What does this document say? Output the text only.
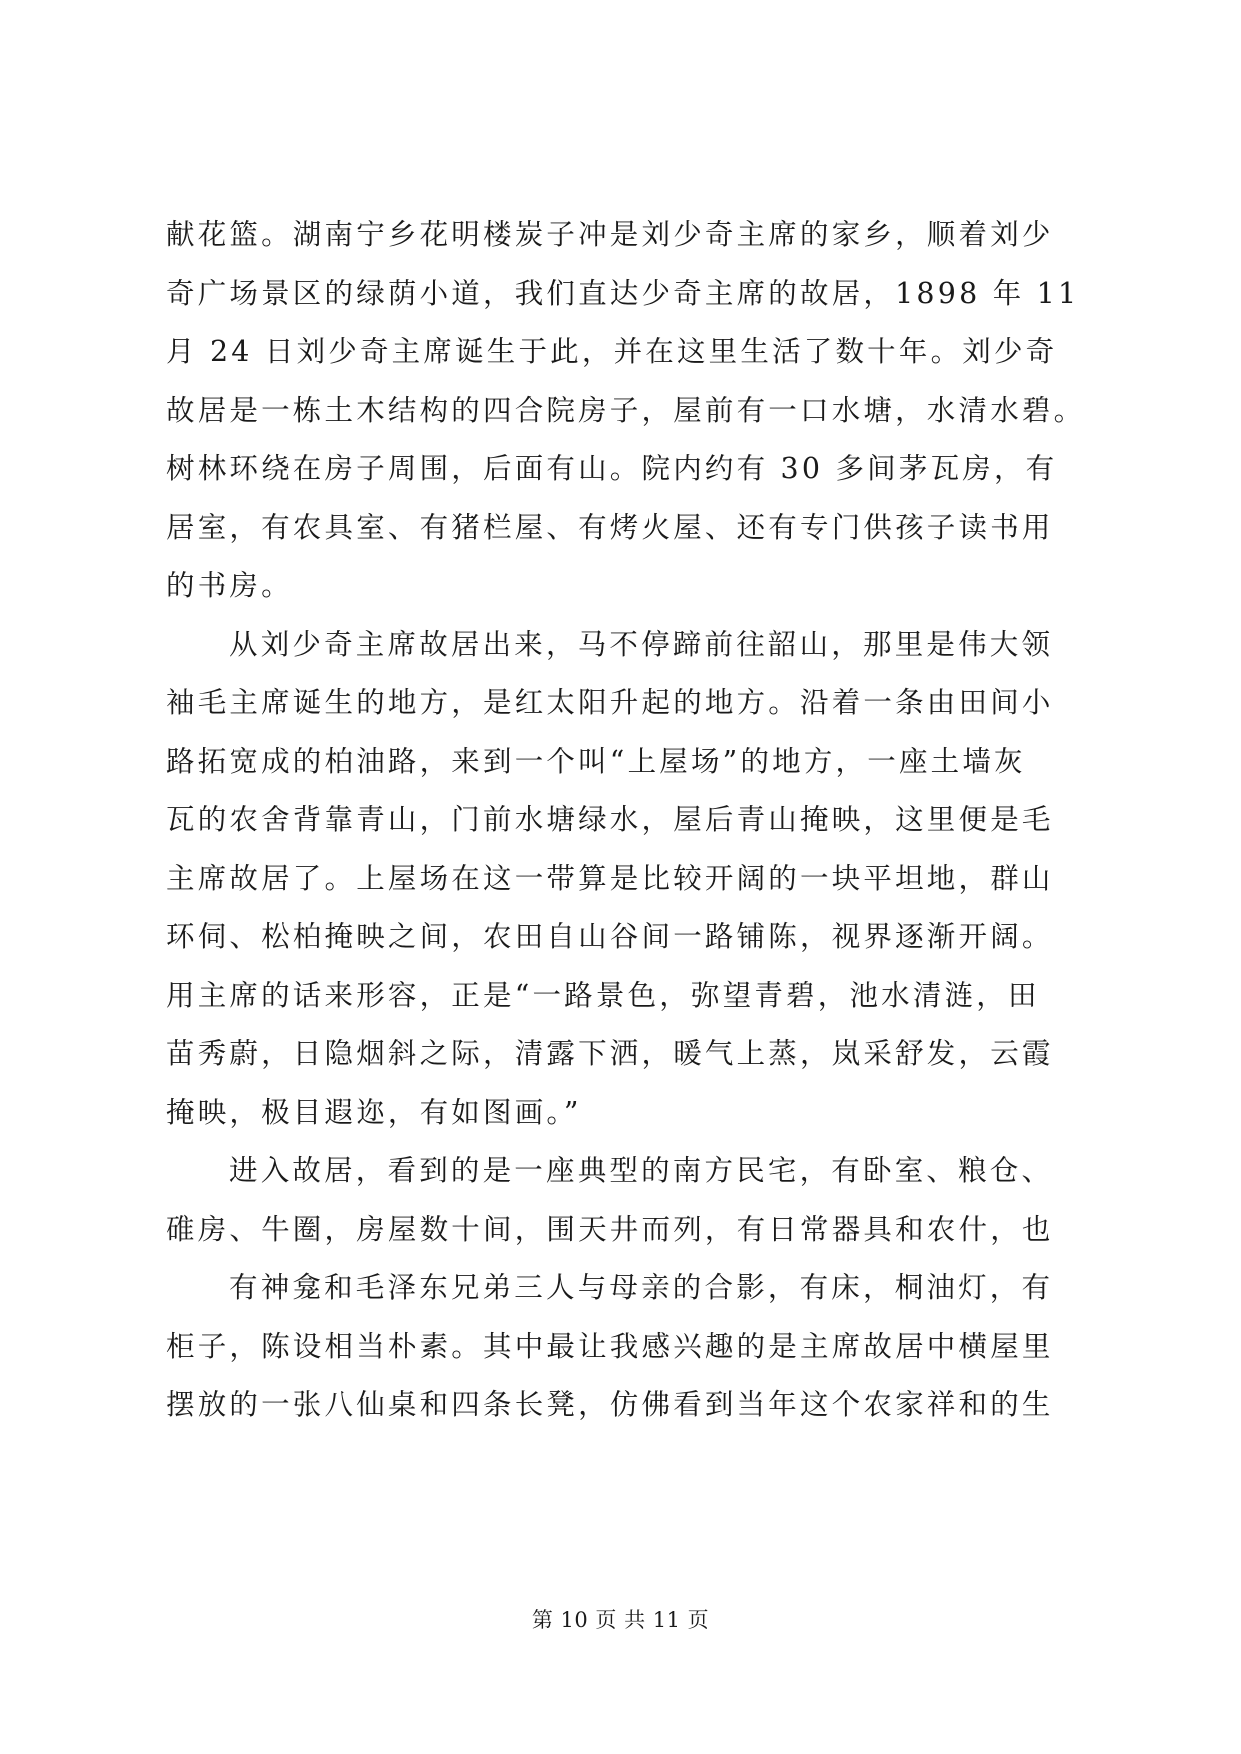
献花篮。湖南宁乡花明楼炭子冲是刘少奇主席的家乡，顺着刘少
奇广场景区的绿荫小道，我们直达少奇主席的故居，1898 年 11
月 24 日刘少奇主席诞生于此，并在这里生活了数十年。刘少奇
故居是一栋土木结构的四合院房子，屋前有一口水塘，水清水碧。
树林环绕在房子周围，后面有山。院内约有 30 多间茅瓦房，有
居室，有农具室、有猪栏屋、有烤火屋、还有专门供孩子读书用
的书房。

从刘少奇主席故居出来，马不停蹄前往韶山，那里是伟大领
袖毛主席诞生的地方，是红太阳升起的地方。沿着一条由田间小
路拓宽成的柏油路，来到一个叫“上屋场”的地方，一座土墙灰
瓦的农舍背靠青山，门前水塘绿水，屋后青山掩映，这里便是毛
主席故居了。上屋场在这一带算是比较开阔的一块平坦地，群山
环伺、松柏掩映之间，农田自山谷间一路铺陈，视界逐渐开阔。
用主席的话来形容，正是“一路景色，弥望青碧，池水清涟，田
苗秀蔚，日隐烟斜之际，清露下洒，暖气上蒸，岚采舒发，云霞
掩映，极目遐迩，有如图画。”

进入故居，看到的是一座典型的南方民宅，有卧室、粮仓、
碓房、牛圈，房屋数十间，围天井而列，有日常器具和农什，也

有神龛和毛泽东兄弟三人与母亲的合影，有床，桐油灯，有
柜子，陈设相当朴素。其中最让我感兴趣的是主席故居中横屋里
摆放的一张八仙桌和四条长凳，仿佛看到当年这个农家祥和的生

第 10 页 共 11 页
